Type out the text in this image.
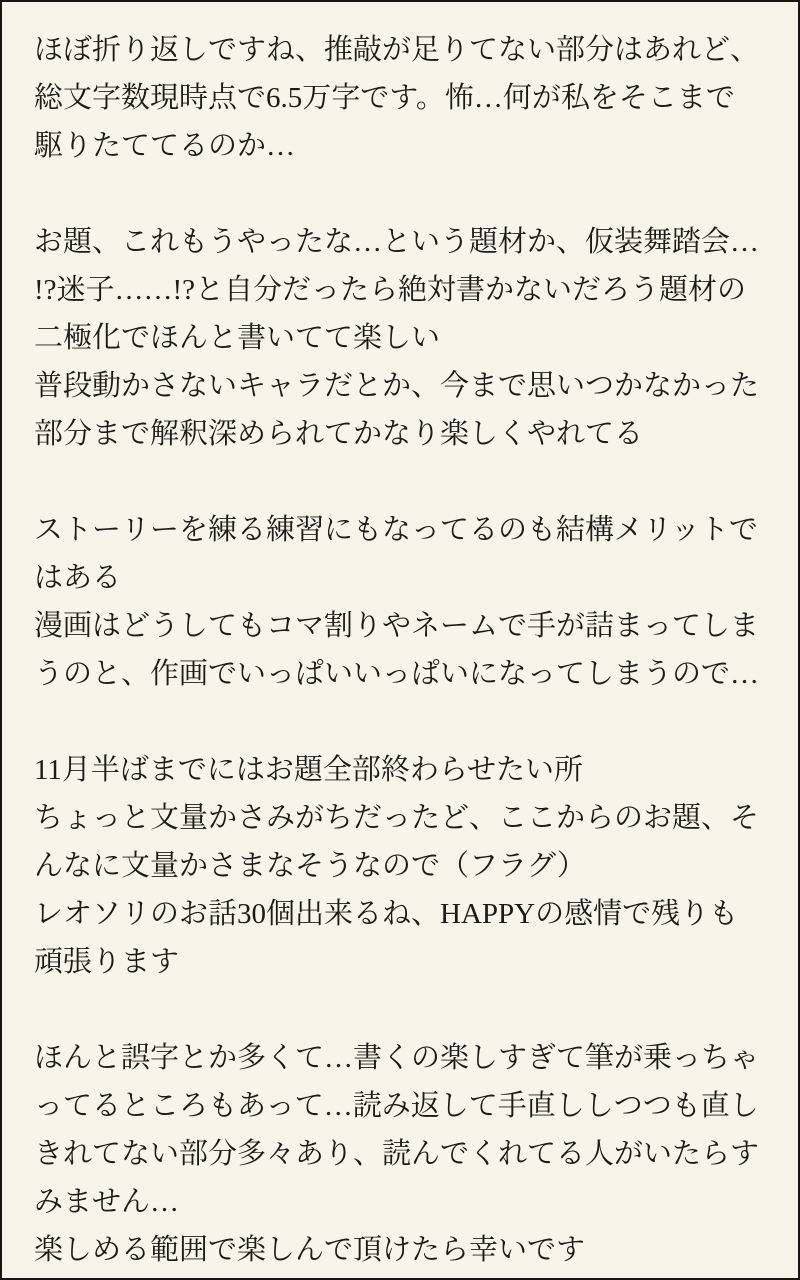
ほぼ折り返しですね、推敲が足りてない部分はあれど、
総文字数現時点で6.5万字です。怖…何が私をそこまで
駆りたててるのか…

お題、これもうやったな…という題材か、仮装舞踏会…
!?迷子……!?と自分だったら絶対書かないだろう題材の
二極化でほんと書いてて楽しい
普段動かさないキャラだとか、今まで思いつかなかった
部分まで解釈深められてかなり楽しくやれてる

ストーリーを練る練習にもなってるのも結構メリットで
はある
漫画はどうしてもコマ割りやネームで手が詰まってしま
うのと、作画でいっぱいいっぱいになってしまうので…

11月半ばまでにはお題全部終わらせたい所
ちょっと文量かさみがちだったど、ここからのお題、そ
んなに文量かさまなそうなので（フラグ）
レオソリのお話30個出来るね、HAPPYの感情で残りも
頑張ります

ほんと誤字とか多くて…書くの楽しすぎて筆が乗っちゃ
ってるところもあって…読み返して手直ししつつも直し
きれてない部分多々あり、読んでくれてる人がいたらす
みません…
楽しめる範囲で楽しんで頂けたら幸いです
